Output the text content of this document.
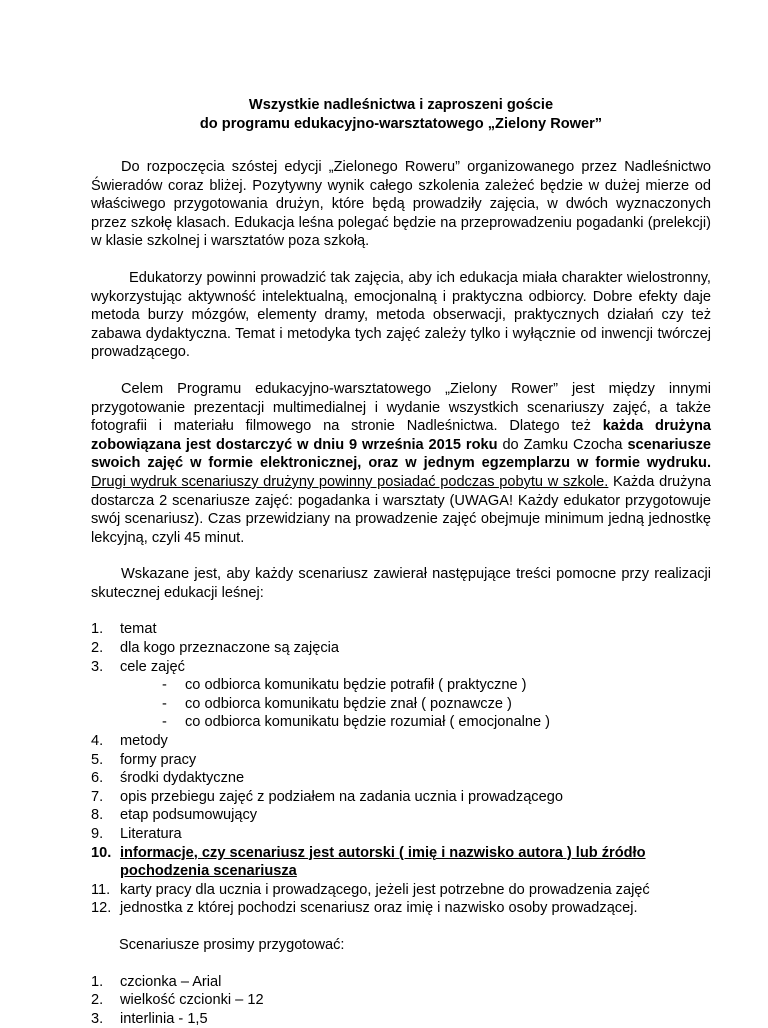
Wszystkie nadleśnictwa i zaproszeni goście
do programu edukacyjno-warsztatowego „Zielony Rower”

Do rozpoczęcia szóstej edycji „Zielonego Roweru” organizowanego przez Nadleśnictwo Świeradów coraz bliżej. Pozytywny wynik całego szkolenia zależeć będzie w dużej mierze od właściwego przygotowania drużyn, które będą prowadziły zajęcia, w dwóch wyznaczonych przez szkołę klasach. Edukacja leśna polegać będzie na przeprowadzeniu pogadanki (prelekcji) w klasie szkolnej i warsztatów poza szkołą.

Edukatorzy powinni prowadzić tak zajęcia, aby ich edukacja miała charakter wielostronny, wykorzystując aktywność intelektualną, emocjonalną i praktyczna odbiorcy. Dobre efekty daje metoda burzy mózgów, elementy dramy, metoda obserwacji, praktycznych działań czy też zabawa dydaktyczna. Temat i metodyka tych zajęć zależy tylko i wyłącznie od inwencji twórczej prowadzącego.

Celem Programu edukacyjno-warsztatowego „Zielony Rower” jest między innymi przygotowanie prezentacji multimedialnej i wydanie wszystkich scenariuszy zajęć, a także fotografii i materiału filmowego na stronie Nadleśnictwa. Dlatego też każda drużyna zobowiązana jest dostarczyć w dniu 9 września 2015 roku do Zamku Czocha scenariusze swoich zajęć w formie elektronicznej, oraz w jednym egzemplarzu w formie wydruku. Drugi wydruk scenariuszy drużyny powinny posiadać podczas pobytu w szkole. Każda drużyna dostarcza 2 scenariusze zajęć: pogadanka i warsztaty (UWAGA! Każdy edukator przygotowuje swój scenariusz). Czas przewidziany na prowadzenie zajęć obejmuje minimum jedną jednostkę lekcyjną, czyli 45 minut.

Wskazane jest, aby każdy scenariusz zawierał następujące treści pomocne przy realizacji skutecznej edukacji leśnej:

1. temat
2. dla kogo przeznaczone są zajęcia
3. cele zajęć
- co odbiorca komunikatu będzie potrafił ( praktyczne )
- co odbiorca komunikatu będzie znał ( poznawcze )
- co odbiorca komunikatu będzie rozumiał ( emocjonalne )
4. metody
5. formy pracy
6. środki dydaktyczne
7. opis przebiegu zajęć z podziałem na zadania ucznia i prowadzącego
8. etap podsumowujący
9. Literatura
10. informacje, czy scenariusz jest autorski ( imię i nazwisko autora ) lub źródło pochodzenia scenariusza
11. karty pracy dla ucznia i prowadzącego, jeżeli jest potrzebne do prowadzenia zajęć
12. jednostka z której pochodzi scenariusz oraz imię i nazwisko osoby prowadzącej.
Scenariusze prosimy przygotować:
1. czcionka – Arial
2. wielkość czcionki – 12
3. interlinia - 1,5
